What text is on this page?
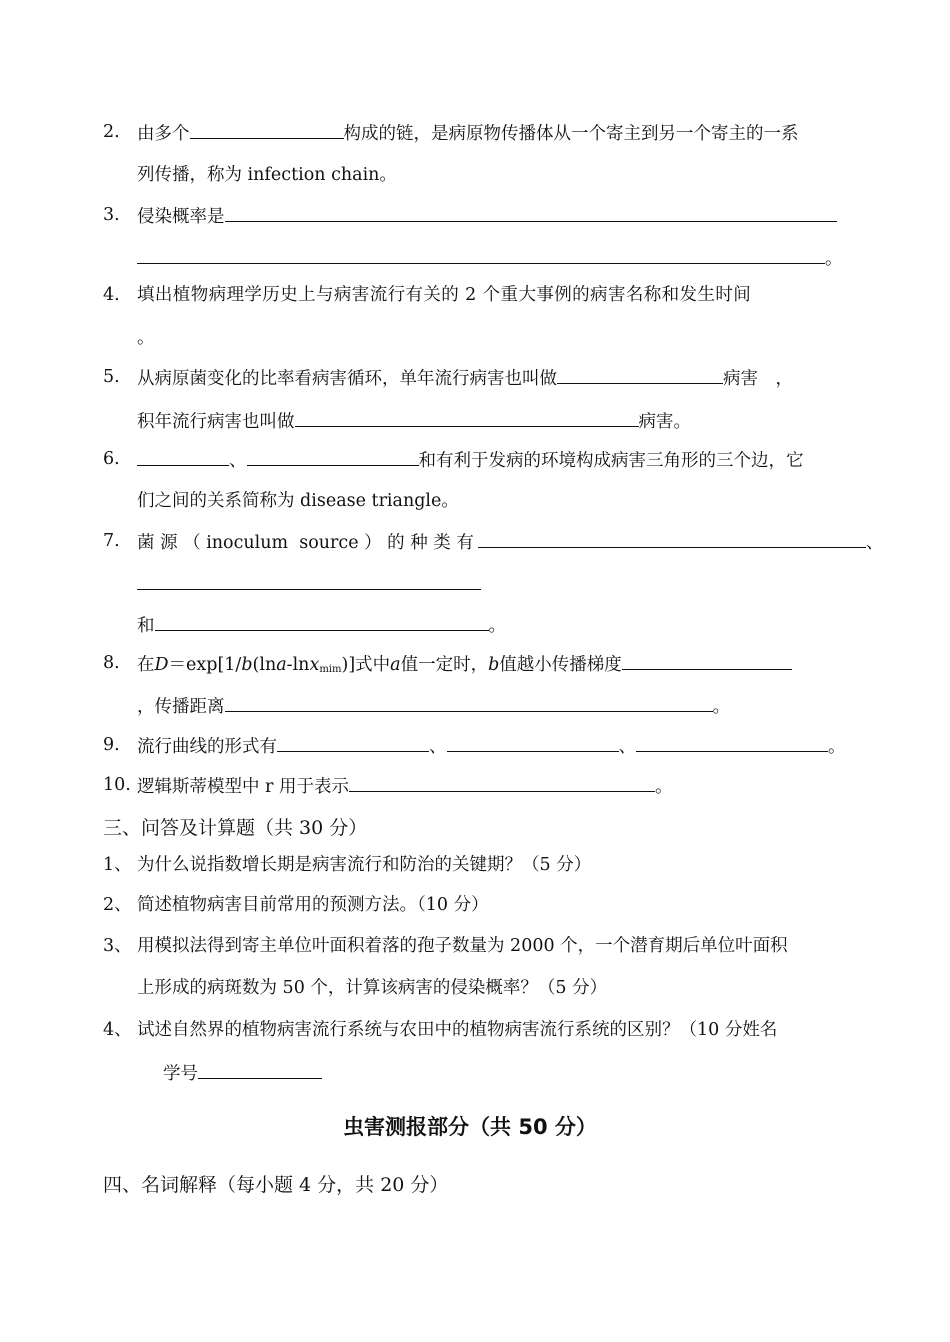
2. 由多个	构成的链，是病原物传播体从一个寄主到另一个寄主的一系
列传播，称为 infection chain。
3. 侵染概率是
。
4. 填出植物病理学历史上与病害流行有关的 2 个重大事例的病害名称和发生时间
。
5. 从病原菌变化的比率看病害循环，单年流行病害也叫做	病害　，
积年流行病害也叫做	病害。
6.	、	和有利于发病的环境构成病害三角形的三个边，它
们之间的关系简称为 disease triangle。
7. 菌 源 （ inoculum  source ） 的 种 类 有	、
和	。
8. 在D＝exp[1/b(lna-lnx$_{mim}$)]式中a值一定时，b值越小传播梯度
，传播距离	。
9. 流行曲线的形式有	、	、	。
10. 逻辑斯蒂模型中 r 用于表示	。
三、问答及计算题（共 30 分）
1、 为什么说指数增长期是病害流行和防治的关键期？（5 分）
2、 简述植物病害目前常用的预测方法。（10 分）
3、 用模拟法得到寄主单位叶面积着落的孢子数量为 2000 个，一个潜育期后单位叶面积
上形成的病斑数为 50 个，计算该病害的侵染概率？（5 分）
4、 试述自然界的植物病害流行系统与农田中的植物病害流行系统的区别？（10 分姓名
学号
虫害测报部分（共 50 分）
四、名词解释（每小题 4 分，共 20 分）
